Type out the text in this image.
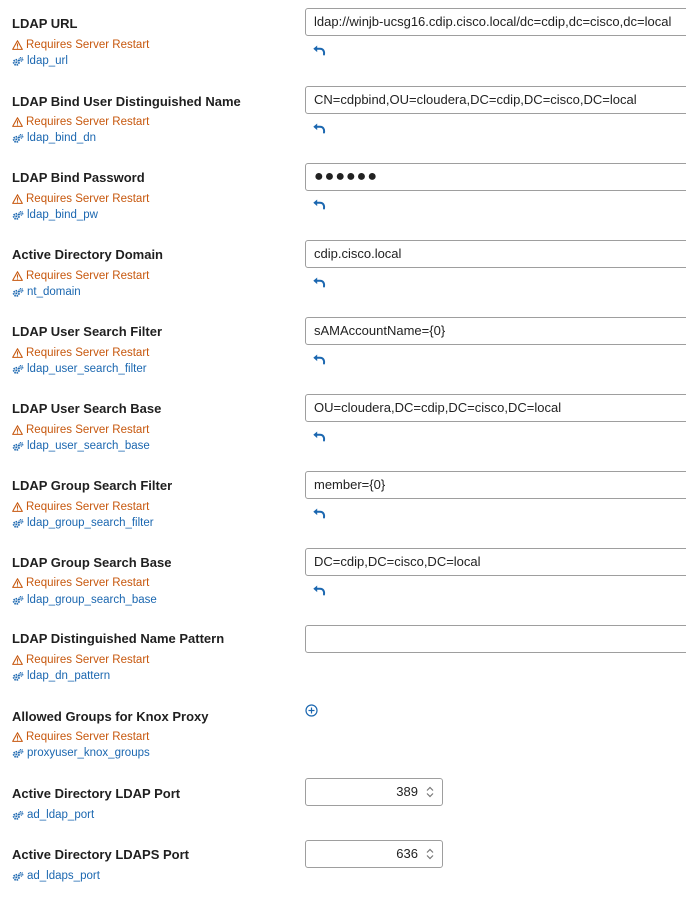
LDAP URL
Requires Server Restart
ldap_url
ldap://winjb-ucsg16.cdip.cisco.local/dc=cdip,dc=cisco,dc=local
LDAP Bind User Distinguished Name
Requires Server Restart
ldap_bind_dn
CN=cdpbind,OU=cloudera,DC=cdip,DC=cisco,DC=local
LDAP Bind Password
Requires Server Restart
ldap_bind_pw
●●●●●●
Active Directory Domain
Requires Server Restart
nt_domain
cdip.cisco.local
LDAP User Search Filter
Requires Server Restart
ldap_user_search_filter
sAMAccountName={0}
LDAP User Search Base
Requires Server Restart
ldap_user_search_base
OU=cloudera,DC=cdip,DC=cisco,DC=local
LDAP Group Search Filter
Requires Server Restart
ldap_group_search_filter
member={0}
LDAP Group Search Base
Requires Server Restart
ldap_group_search_base
DC=cdip,DC=cisco,DC=local
LDAP Distinguished Name Pattern
Requires Server Restart
ldap_dn_pattern
Allowed Groups for Knox Proxy
Requires Server Restart
proxyuser_knox_groups
Active Directory LDAP Port
ad_ldap_port
389
Active Directory LDAPS Port
ad_ldaps_port
636
